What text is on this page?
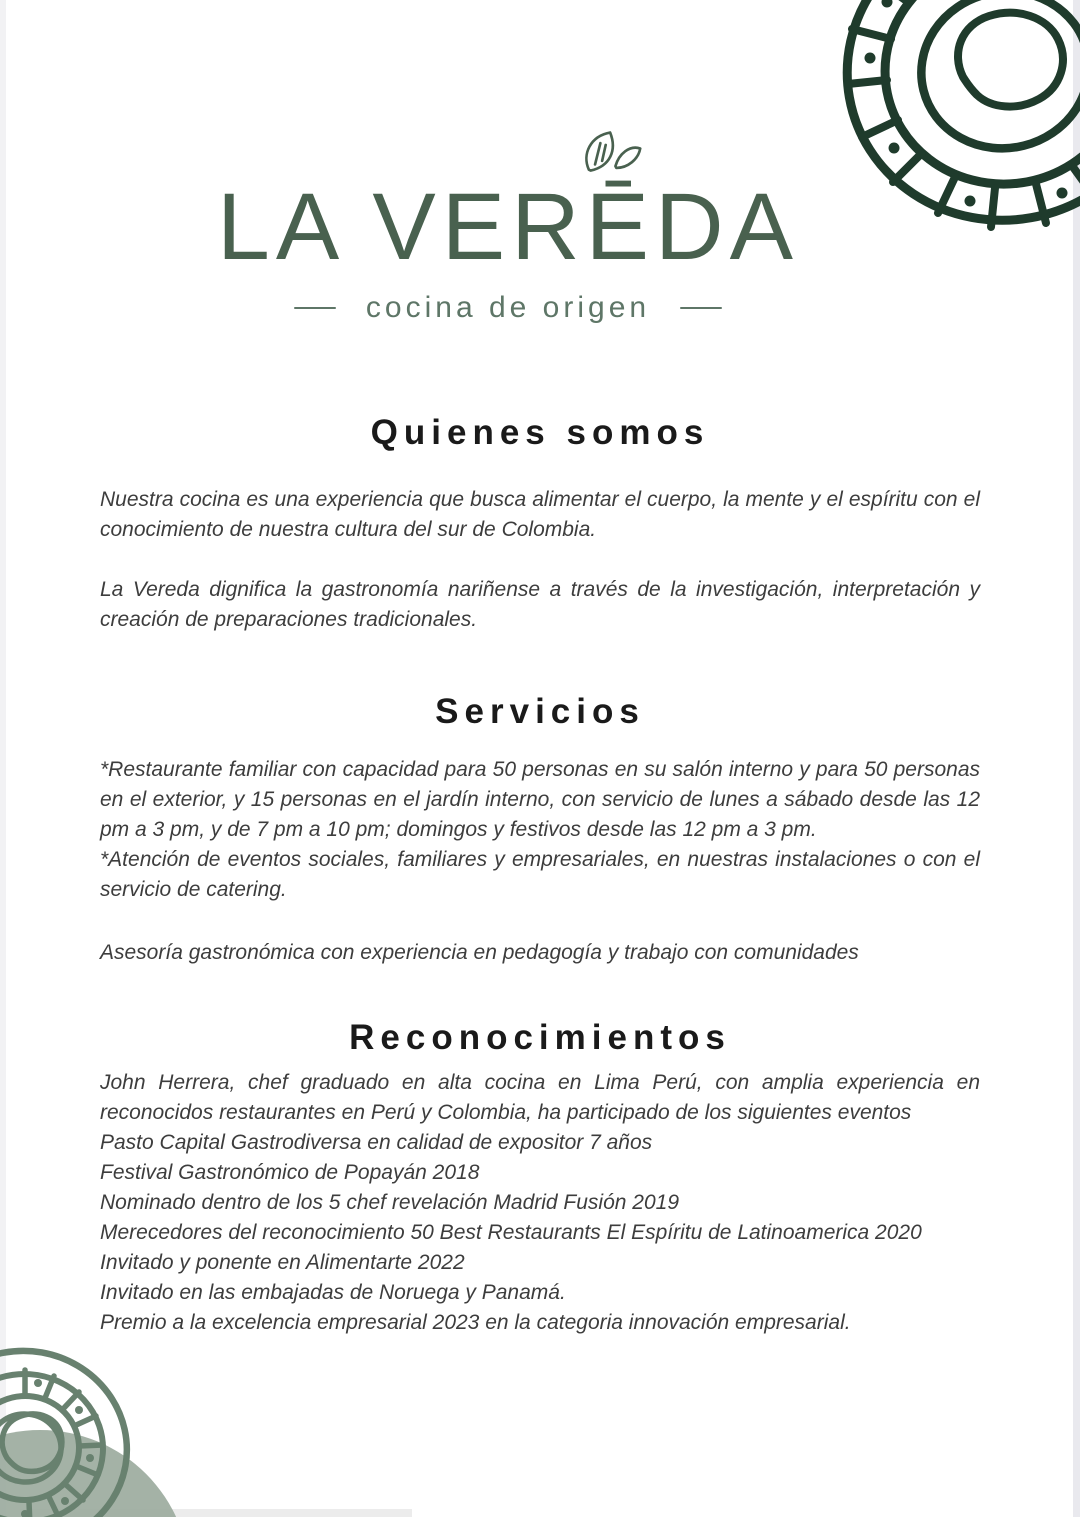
LA VERĒDA
cocina de origen
Quienes somos

Nuestra cocina es una experiencia que busca alimentar el cuerpo, la mente y el espíritu con el conocimiento de nuestra cultura del sur de Colombia.

La Vereda dignifica la gastronomía nariñense a través de la investigación, interpretación y creación de preparaciones tradicionales.

Servicios

*Restaurante familiar con capacidad para 50 personas en su salón interno y para 50 personas en el exterior, y 15 personas en el jardín interno, con servicio de lunes a sábado desde las 12 pm a 3 pm, y de 7 pm a 10 pm; domingos y festivos desde las 12 pm a 3 pm.

*Atención de eventos sociales, familiares y empresariales, en nuestras instalaciones o con el servicio de catering.

Asesoría gastronómica con experiencia en pedagogía y trabajo con comunidades

Reconocimientos

John Herrera, chef graduado en alta cocina en Lima Perú, con amplia experiencia en reconocidos restaurantes en Perú y Colombia, ha participado de los siguientes eventos

Pasto Capital Gastrodiversa en calidad de expositor 7 años
Festival Gastronómico de Popayán 2018
Nominado dentro de los 5 chef revelación Madrid Fusión 2019
Merecedores del reconocimiento 50 Best Restaurants El Espíritu de Latinoamerica 2020
Invitado y ponente en Alimentarte 2022
Invitado en las embajadas de Noruega y Panamá.
Premio a la excelencia empresarial 2023 en la categoria innovación empresarial.
